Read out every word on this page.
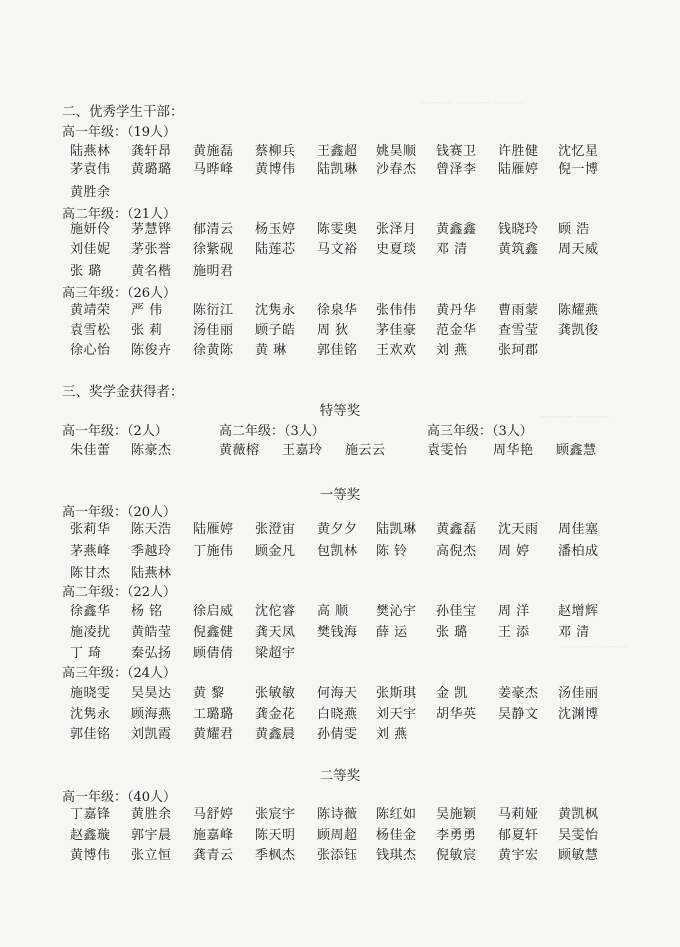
——— ——— ———
——— ———
——— ———
二、优秀学生干部：
高一年级：（19人）
陆燕林 龚轩昂 黄施磊 蔡柳兵 王鑫超 姚昊顺 钱赛卫 许胜健 沈忆星
茅袁伟 黄璐璐 马晔峰 黄博伟 陆凯琳 沙春杰 曾泽李 陆雁婷 倪一博
黄胜余
高二年级：（21人）
施妍伶 茅慧铧 郁清云 杨玉婷 陈雯奥 张泽月 黄鑫鑫 钱晓玲 顾 浩
刘佳妮 茅张誉 徐紫砚 陆莲芯 马文裕 史夏琰 邓 清 黄筑鑫 周天威
张 璐 黄名楷 施明君
高三年级：（26人）
黄靖荣 严 伟 陈衍江 沈隽永 徐泉华 张伟伟 黄丹华 曹雨蒙 陈耀燕
袁雪松 张 莉 汤佳丽 顾子皓 周 狄 茅佳豪 范金华 查雪莹 龚凯俊
徐心怡 陈俊卉 徐黄陈 黄 琳 郭佳铭 王欢欢 刘 燕 张珂郡
三、奖学金获得者：
特等奖
高一年级：（2人）
朱佳蕾 陈豪杰
高二年级：（3人）
黄薇榕 王嘉玲 施云云
高三年级：（3人）
袁雯怡 周华艳 顾鑫慧
一等奖
高一年级：（20人）
张莉华 陈天浩 陆雁婷 张澄宙 黄夕夕 陆凯琳 黄鑫磊 沈天雨 周佳塞
茅燕峰 季越玲 丁施伟 顾金凡 包凯林 陈 铃 高倪杰 周 婷 潘柏成
陈甘杰 陆燕林
高二年级：（22人）
徐鑫华 杨 铭 徐启威 沈佗睿 高 顺 樊沁宇 孙佳宝 周 洋 赵增辉
施凌扰 黄皓莹 倪鑫健 龚天凤 樊钱海 薛 运 张 璐 王 添 邓 清
丁 琦 秦弘扬 顾倩倩 梁超宇
高三年级：（24人）
施晓雯 吴昊达 黄 黎 张敏敏 何海天 张斯琪 金 凯 姜豪杰 汤佳丽
沈隽永 顾海燕 工璐璐 龚金花 白晓燕 刘天宇 胡华英 吴静文 沈渊博
郭佳铭 刘凯霞 黄耀君 黄鑫晨 孙倩雯 刘 燕
二等奖
高一年级：（40人）
丁嘉锋 黄胜余 马舒婷 张宸宇 陈诗薇 陈红如 吴施颖 马莉娅 黄凯枫
赵鑫璇 郭宇晨 施嘉峰 陈天明 顾周超 杨佳金 李勇勇 郁夏轩 吴雯怡
黄博伟 张立恒 龚青云 季枫杰 张添钰 钱琪杰 倪敏宸 黄宇宏 顾敏慧
